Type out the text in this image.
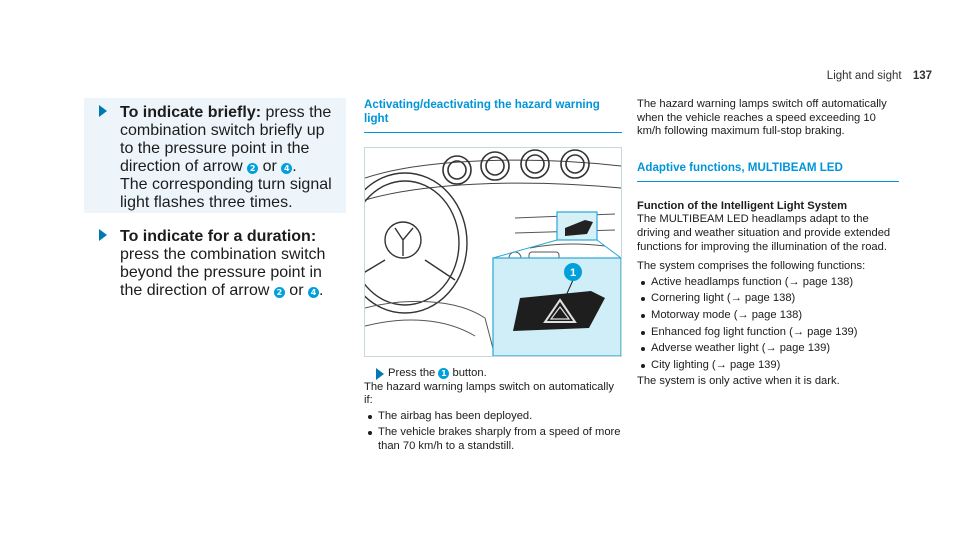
Light and sight 137
To indicate briefly: press the combination switch briefly up to the pressure point in the direction of arrow 2 or 4 .
The corresponding turn signal light flashes three times.
To indicate for a duration: press the combination switch beyond the pressure point in the direction of arrow 2 or 4 .
Activating/deactivating the hazard warning light
1
Press the 1 button.

The hazard warning lamps switch on automatically if:

The airbag has been deployed.
The vehicle brakes sharply from a speed of more than 70 km/h to a standstill.

The hazard warning lamps switch off automatically when the vehicle reaches a speed exceeding 10 km/h following maximum full-stop braking.

Adaptive functions, MULTIBEAM LED
Function of the Intelligent Light System

The MULTIBEAM LED headlamps adapt to the driving and weather situation and provide extended functions for improving the illumination of the road.

The system comprises the following functions:

Active headlamps function (→ page 138)
Cornering light (→ page 138)
Motorway mode (→ page 138)
Enhanced fog light function (→ page 139)
Adverse weather light (→ page 139)
City lighting (→ page 139)

The system is only active when it is dark.
